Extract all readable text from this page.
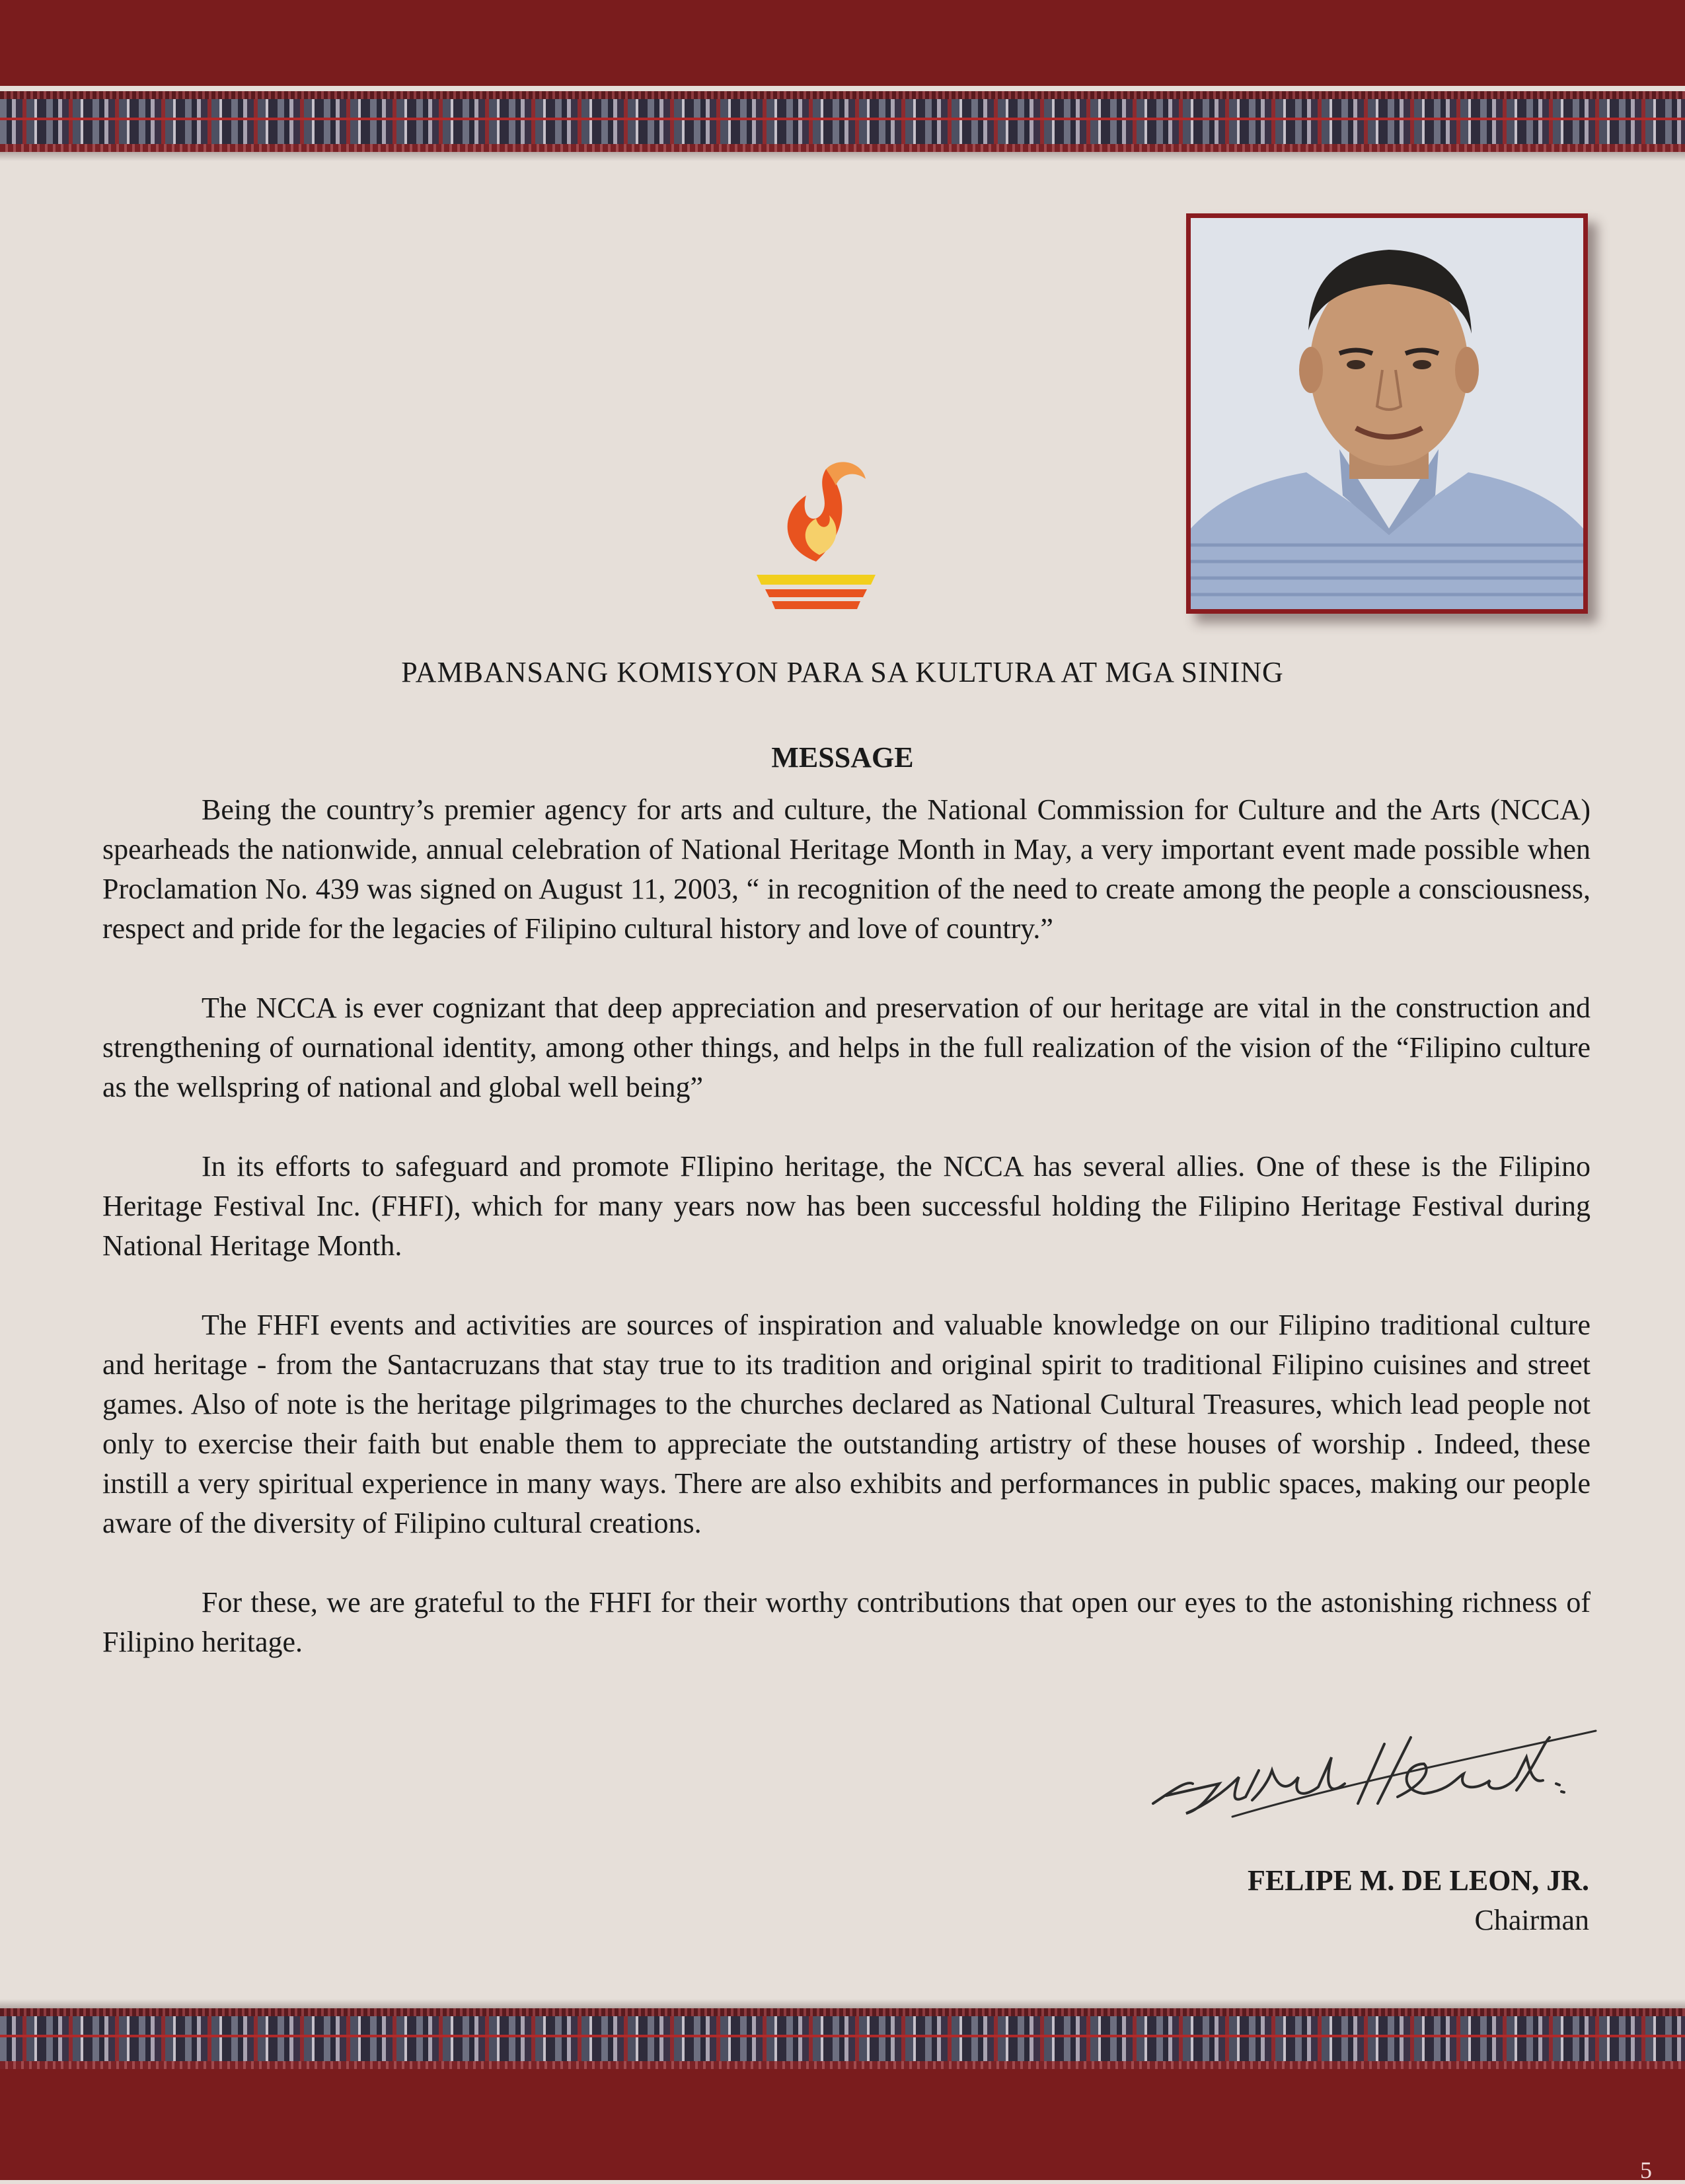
PAMBANSANG KOMISYON PARA SA KULTURA AT MGA SINING
MESSAGE

Being the country’s premier agency for arts and culture, the National Commission for Culture and the Arts (NCCA) spearheads the nationwide, annual celebration of National Heritage Month in May, a very important event made possible when Proclamation No. 439 was signed on August 11, 2003, “ in recognition of the need to create among the people a consciousness, respect and pride for the legacies of Filipino cultural history and love of country.”

The NCCA is ever cognizant that deep appreciation and preservation of our heritage are vital in the construction and strengthening of ournational identity, among other things, and helps in the full realization of the vision of the “Filipino culture as the wellspring of national and global well being”

In its efforts to safeguard and promote FIlipino heritage, the NCCA has several allies. One of these is the Filipino Heritage Festival Inc. (FHFI), which for many years now has been successful holding the Filipino Heritage Festival during National Heritage Month.

The FHFI events and activities are sources of inspiration and valuable knowledge on our Filipino traditional culture and heritage - from the Santacruzans that stay true to its tradition and original spirit to traditional Filipino cuisines and street games. Also of note is the heritage pilgrimages to the churches declared as National Cultural Treasures, which lead people not only to exercise their faith but enable them to appreciate the outstanding artistry of these houses of worship . Indeed, these instill a very spiritual experience in many ways. There are also exhibits and performances in public spaces, making our people aware of the diversity of Filipino cultural creations.

For these, we are grateful to the FHFI for their worthy contributions that open our eyes to the astonishing richness of Filipino heritage.

FELIPE M. DE LEON, JR.
Chairman
5
